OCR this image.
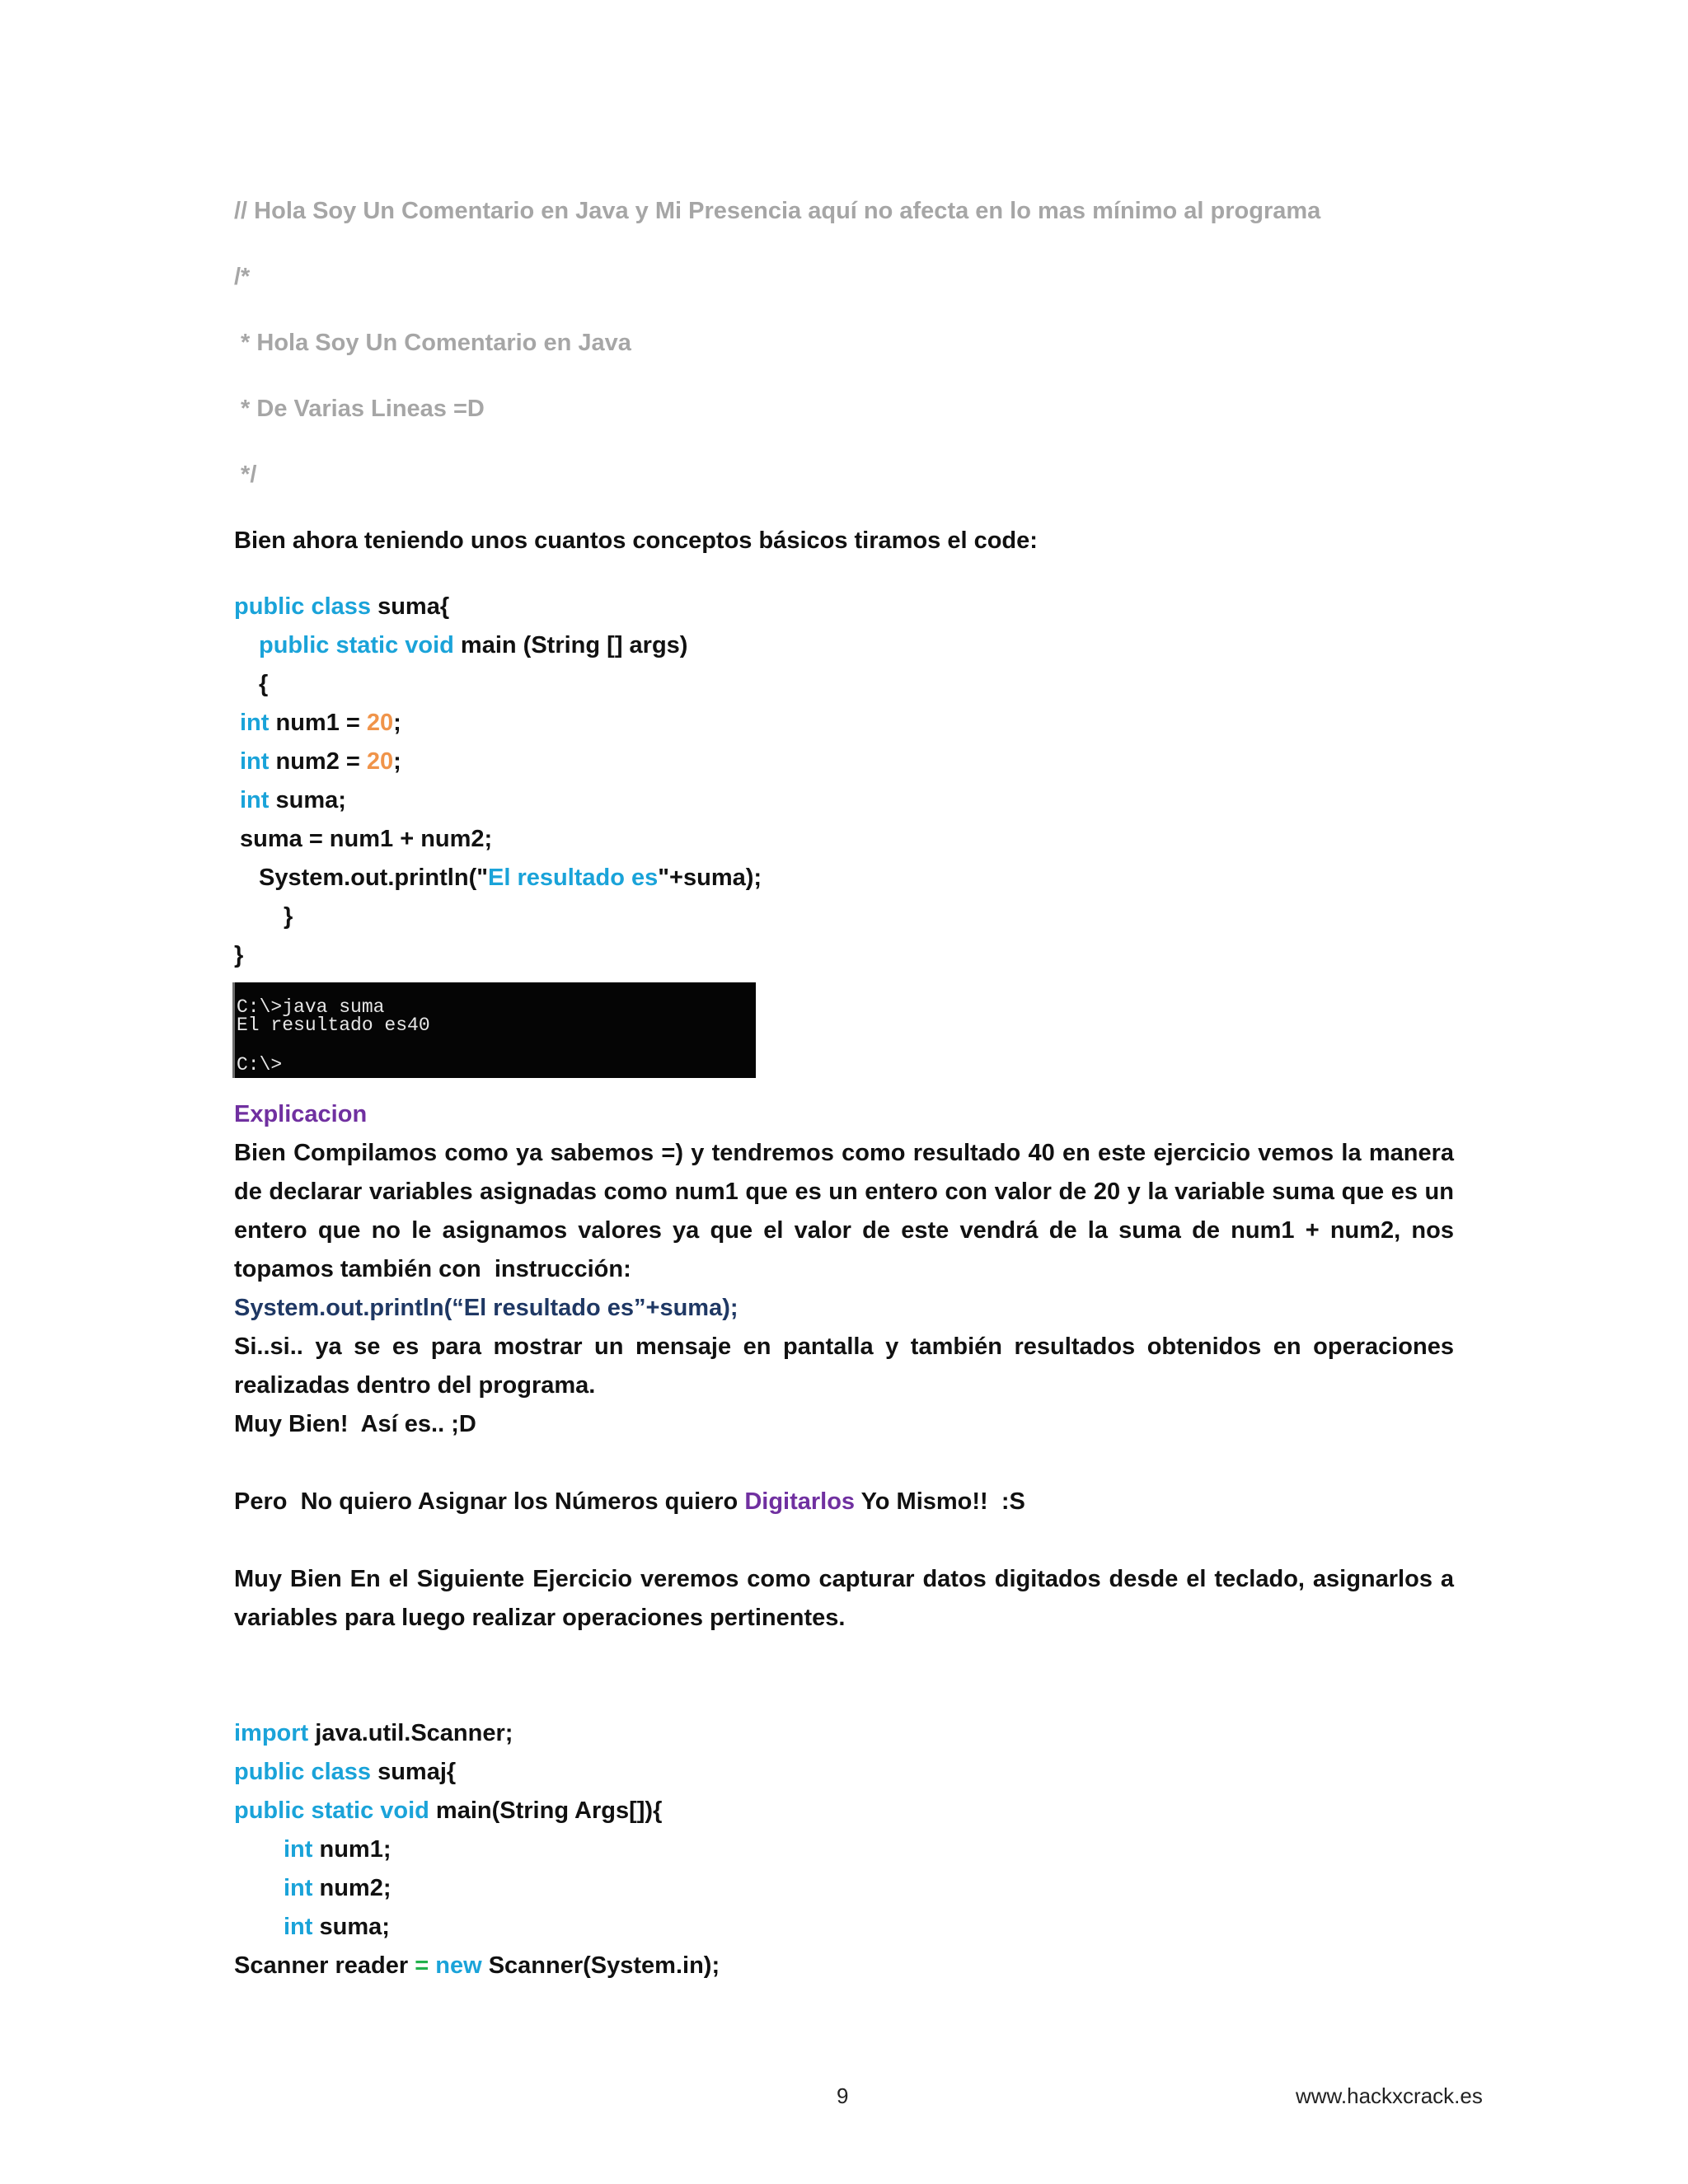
// Hola Soy Un Comentario en Java y Mi Presencia aquí no afecta en lo mas mínimo al programa
/*
* Hola Soy Un Comentario en Java
* De Varias Lineas =D
*/
Bien ahora teniendo unos cuantos conceptos básicos tiramos el code:
public class suma{
public static void main (String [] args)
{
int num1 = 20;
int num2 = 20;
int suma;
suma = num1 + num2;
System.out.println("El resultado es"+suma);
}
}
C:\>java suma
El resultado es40
C:\>
Explicacion
Bien Compilamos como ya sabemos =) y tendremos como resultado 40 en este ejercicio vemos la manera
de declarar variables asignadas como num1 que es un entero con valor de 20 y la variable suma que es un
entero que no le asignamos valores ya que el valor de este vendrá de la suma de num1 + num2, nos
topamos también con  instrucción:
System.out.println(“El resultado es”+suma);
Si..si.. ya se es para mostrar un mensaje en pantalla y también resultados obtenidos en operaciones
realizadas dentro del programa.
Muy Bien!  Así es.. ;D
Pero  No quiero Asignar los Números quiero Digitarlos Yo Mismo!!  :S
Muy Bien En el Siguiente Ejercicio veremos como capturar datos digitados desde el teclado, asignarlos a
variables para luego realizar operaciones pertinentes.
import java.util.Scanner;
public class sumaj{
public static void main(String Args[]){
int num1;
int num2;
int suma;
Scanner reader = new Scanner(System.in);
9	www.hackxcrack.es
